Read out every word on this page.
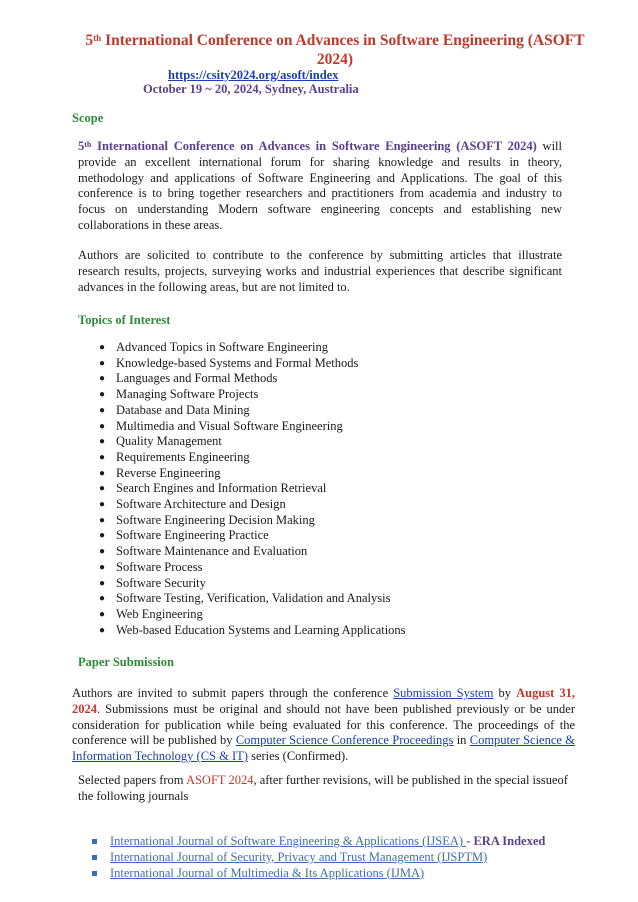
5th International Conference on Advances in Software Engineering (ASOFT 2024)
https://csity2024.org/asoft/index
October 19 ~ 20, 2024, Sydney, Australia
Scope
5th International Conference on Advances in Software Engineering (ASOFT 2024) will provide an excellent international forum for sharing knowledge and results in theory, methodology and applications of Software Engineering and Applications. The goal of this conference is to bring together researchers and practitioners from academia and industry to focus on understanding Modern software engineering concepts and establishing new collaborations in these areas.
Authors are solicited to contribute to the conference by submitting articles that illustrate research results, projects, surveying works and industrial experiences that describe significant advances in the following areas, but are not limited to.
Topics of Interest
● Advanced Topics in Software Engineering
● Knowledge-based Systems and Formal Methods
● Languages and Formal Methods
● Managing Software Projects
● Database and Data Mining
● Multimedia and Visual Software Engineering
● Quality Management
● Requirements Engineering
● Reverse Engineering
● Search Engines and Information Retrieval
● Software Architecture and Design
● Software Engineering Decision Making
● Software Engineering Practice
● Software Maintenance and Evaluation
● Software Process
● Software Security
● Software Testing, Verification, Validation and Analysis
● Web Engineering
● Web-based Education Systems and Learning Applications
Paper Submission
Authors are invited to submit papers through the conference Submission System by August 31, 2024. Submissions must be original and should not have been published previously or be under consideration for publication while being evaluated for this conference. The proceedings of the conference will be published by Computer Science Conference Proceedings in Computer Science & Information Technology (CS & IT) series (Confirmed).
Selected papers from ASOFT 2024, after further revisions, will be published in the special issueof the following journals
International Journal of Software Engineering & Applications (IJSEA) - ERA Indexed
International Journal of Security, Privacy and Trust Management (IJSPTM)
International Journal of Multimedia & Its Applications (IJMA)
